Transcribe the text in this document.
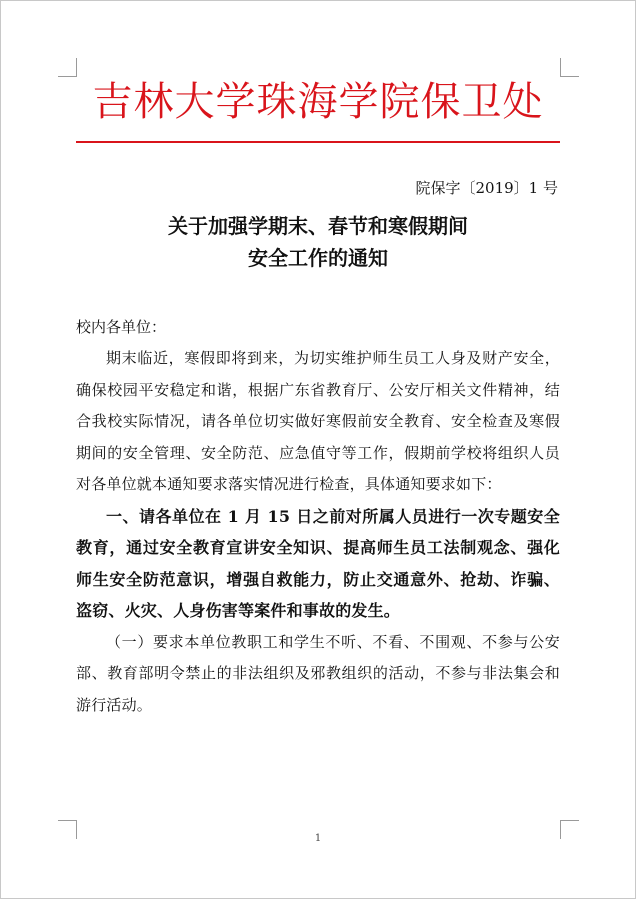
吉林大学珠海学院保卫处
院保字〔2019〕1 号
关于加强学期末、春节和寒假期间
安全工作的通知
校内各单位：

期末临近，寒假即将到来，为切实维护师生员工人身及财产安全，确保校园平安稳定和谐，根据广东省教育厅、公安厅相关文件精神，结合我校实际情况，请各单位切实做好寒假前安全教育、安全检查及寒假期间的安全管理、安全防范、应急值守等工作，假期前学校将组织人员对各单位就本通知要求落实情况进行检查，具体通知要求如下：

一、请各单位在 1 月 15 日之前对所属人员进行一次专题安全教育，通过安全教育宣讲安全知识、提高师生员工法制观念、强化师生安全防范意识，增强自救能力，防止交通意外、抢劫、诈骗、盗窃、火灾、人身伤害等案件和事故的发生。

（一）要求本单位教职工和学生不听、不看、不围观、不参与公安部、教育部明令禁止的非法组织及邪教组织的活动，不参与非法集会和游行活动。

1
